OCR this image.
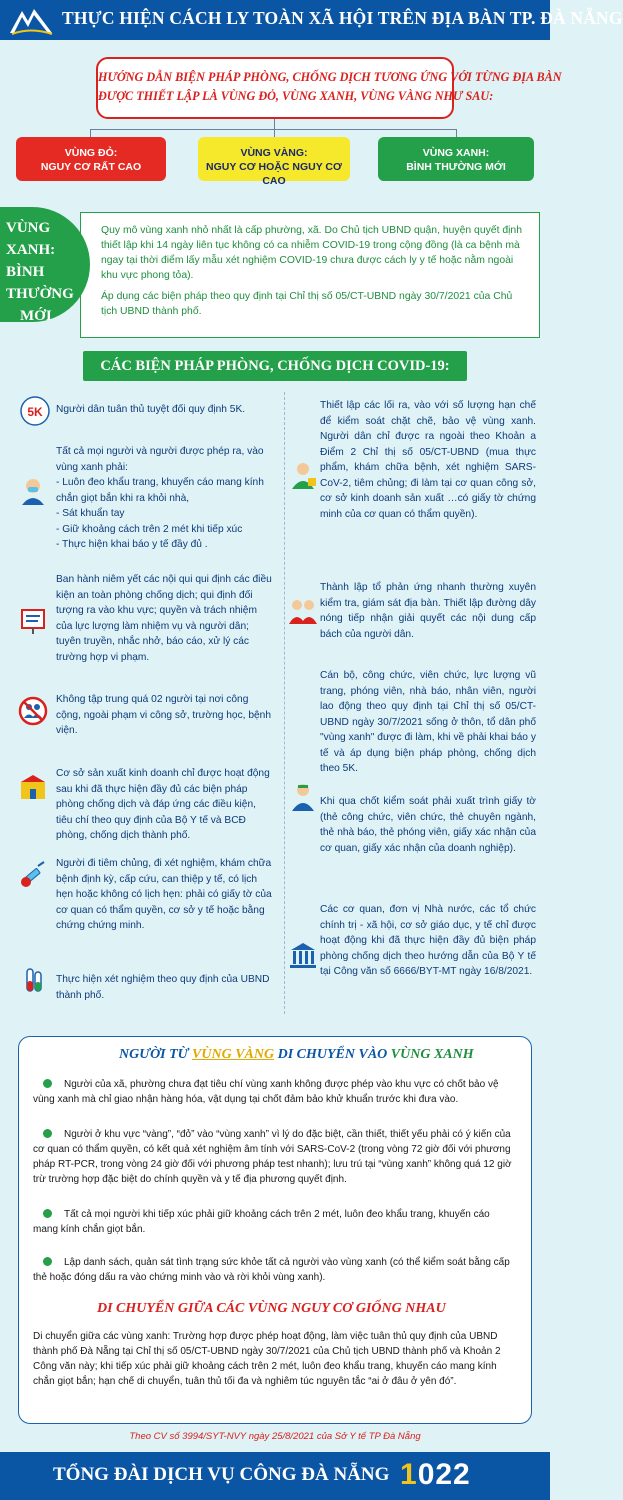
THỰC HIỆN CÁCH LY TOÀN XÃ HỘI TRÊN ĐỊA BÀN TP. ĐÀ NẴNG
HƯỚNG DẪN BIỆN PHÁP PHÒNG, CHỐNG DỊCH TƯƠNG ỨNG VỚI TỪNG ĐỊA BÀN
ĐƯỢC THIẾT LẬP LÀ VÙNG ĐỎ, VÙNG XANH, VÙNG VÀNG NHƯ SAU:
VÙNG ĐỎ:
NGUY CƠ RẤT CAO
VÙNG VÀNG:
NGUY CƠ HOẶC NGUY CƠ CAO
VÙNG XANH:
BÌNH THƯỜNG MỚI

Quy mô vùng xanh nhỏ nhất là cấp phường, xã. Do Chủ tịch UBND quận, huyện quyết định thiết lập khi 14 ngày liên tục không có ca nhiễm COVID-19 trong cộng đồng (là ca bệnh mà ngay tại thời điểm lấy mẫu xét nghiệm COVID-19 chưa được cách ly y tế hoặc nằm ngoài khu vực phong tỏa).

Áp dụng các biện pháp theo quy định tại Chỉ thị số 05/CT-UBND ngày 30/7/2021 của Chủ tịch UBND thành phố.

VÙNG XANH:
BÌNH THƯỜNG
MỚI
CÁC BIỆN PHÁP PHÒNG, CHỐNG DỊCH COVID-19:
5K Người dân tuân thủ tuyệt đối quy định 5K.
Tất cả mọi người và người được phép ra, vào vùng xanh phải:
- Luôn đeo khẩu trang, khuyến cáo mang kính chắn giọt bắn khi ra khỏi nhà,
- Sát khuẩn tay
- Giữ khoảng cách trên 2 mét khi tiếp xúc
- Thực hiện khai báo y tế đầy đủ .
Ban hành niêm yết các nội qui qui định các điều kiện an toàn phòng chống dịch; qui định đối tượng ra vào khu vực; quyền và trách nhiệm của lực lượng làm nhiệm vụ và người dân; tuyên truyền, nhắc nhở, báo cáo, xử lý các trường hợp vi phạm.
Không tập trung quá 02 người tại nơi công cộng, ngoài phạm vi công sở, trường học, bệnh viện.
Cơ sở sản xuất kinh doanh chỉ được hoạt động sau khi đã thực hiện đầy đủ các biện pháp phòng chống dịch và đáp ứng các điều kiện, tiêu chí theo quy định của Bộ Y tế và BCĐ phòng, chống dịch thành phố.
Người đi tiêm chủng, đi xét nghiệm, khám chữa bệnh định kỳ, cấp cứu, can thiệp y tế, có lịch hẹn hoặc không có lịch hẹn: phải có giấy tờ của cơ quan có thẩm quyền, cơ sở y tế hoặc bằng chứng chứng minh.
Thực hiện xét nghiệm theo quy định của UBND thành phố.
Thiết lập các lối ra, vào với số lượng hạn chế để kiểm soát chặt chẽ, bảo vệ vùng xanh. Người dân chỉ được ra ngoài theo Khoản a Điểm 2 Chỉ thị số 05/CT-UBND (mua thực phẩm, khám chữa bệnh, xét nghiệm SARS-CoV-2, tiêm chủng; đi làm tại cơ quan công sở, cơ sở kinh doanh sản xuất …có giấy tờ chứng minh của cơ quan có thẩm quyền).
Thành lập tổ phản ứng nhanh thường xuyên kiểm tra, giám sát địa bàn. Thiết lập đường dây nóng tiếp nhận giải quyết các nội dung cấp bách của người dân.
Cán bộ, công chức, viên chức, lực lượng vũ trang, phóng viên, nhà báo, nhân viên, người lao động theo quy định tại Chỉ thị số 05/CT-UBND ngày 30/7/2021 sống ở thôn, tổ dân phố "vùng xanh" được đi làm, khi về phải khai báo y tế và áp dụng biện pháp phòng, chống dịch theo 5K.
Khi qua chốt kiểm soát phải xuất trình giấy tờ (thẻ công chức, viên chức, thẻ chuyên ngành, thẻ nhà báo, thẻ phóng viên, giấy xác nhận của cơ quan, giấy xác nhận của doanh nghiệp).
Các cơ quan, đơn vị Nhà nước, các tổ chức chính trị - xã hội, cơ sở giáo dục, y tế chỉ được hoạt động khi đã thực hiện đầy đủ biện pháp phòng chống dịch theo hướng dẫn của Bộ Y tế tại Công văn số 6666/BYT-MT ngày 16/8/2021.
NGƯỜI TỪ VÙNG VÀNG DI CHUYỂN VÀO VÙNG XANH
Người của xã, phường chưa đạt tiêu chí vùng xanh không được phép vào khu vực có chốt bảo vệ vùng xanh mà chỉ giao nhận hàng hóa, vật dụng tại chốt đảm bảo khử khuẩn trước khi đưa vào.
Người ở khu vực “vàng”, “đỏ” vào “vùng xanh” vì lý do đặc biệt, cần thiết, thiết yếu phải có ý kiến của cơ quan có thẩm quyền, có kết quả xét nghiệm âm tính với SARS-CoV-2 (trong vòng 72 giờ đối với phương pháp RT-PCR, trong vòng 24 giờ đối với phương pháp test nhanh); lưu trú tại “vùng xanh” không quá 12 giờ trừ trường hợp đặc biệt do chính quyền và y tế địa phương quyết định.
Tất cả mọi người khi tiếp xúc phải giữ khoảng cách trên 2 mét, luôn đeo khẩu trang, khuyến cáo mang kính chắn giọt bắn.
Lập danh sách, quản sát tình trạng sức khỏe tất cả người vào vùng xanh (có thể kiểm soát bằng cấp thẻ hoặc đóng dấu ra vào chứng minh vào và rời khỏi vùng xanh).
DI CHUYỂN GIỮA CÁC VÙNG NGUY CƠ GIỐNG NHAU
Di chuyển giữa các vùng xanh: Trường hợp được phép hoạt động, làm việc tuân thủ quy định của UBND thành phố Đà Nẵng tại Chỉ thị số 05/CT-UBND ngày 30/7/2021 của Chủ tịch UBND thành phố và Khoản 2 Công văn này; khi tiếp xúc phải giữ khoảng cách trên 2 mét, luôn đeo khẩu trang, khuyến cáo mang kính chắn giọt bắn; hạn chế di chuyển, tuân thủ tối đa và nghiêm túc nguyên tắc “ai ở đâu ở yên đó”.
Theo CV số 3994/SYT-NVY ngày 25/8/2021 của Sở Y tế TP Đà Nẵng
TỔNG ĐÀI DỊCH VỤ CÔNG ĐÀ NẴNG 1022
